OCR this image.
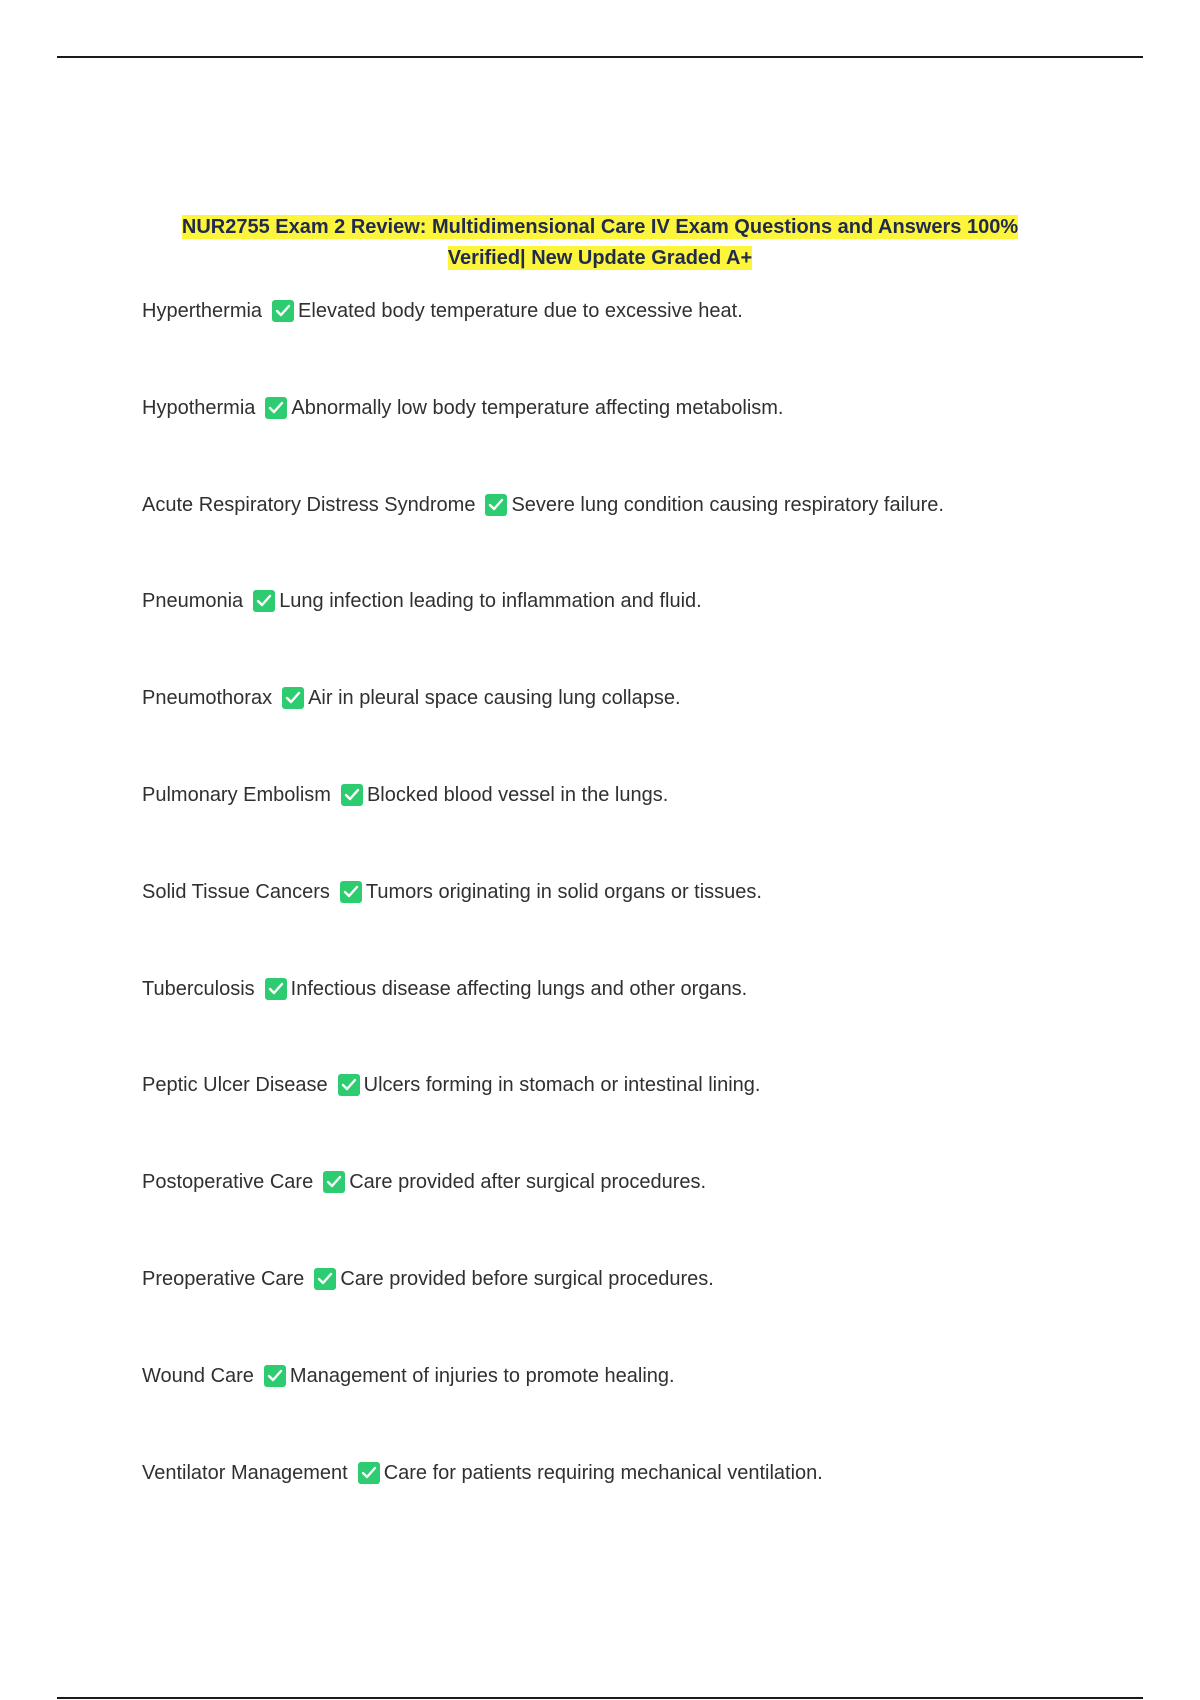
NUR2755 Exam 2 Review: Multidimensional Care IV Exam Questions and Answers 100%
Verified| New Update Graded A+
Hyperthermia Elevated body temperature due to excessive heat.
Hypothermia Abnormally low body temperature affecting metabolism.
Acute Respiratory Distress Syndrome Severe lung condition causing respiratory failure.
Pneumonia Lung infection leading to inflammation and fluid.
Pneumothorax Air in pleural space causing lung collapse.
Pulmonary Embolism Blocked blood vessel in the lungs.
Solid Tissue Cancers Tumors originating in solid organs or tissues.
Tuberculosis Infectious disease affecting lungs and other organs.
Peptic Ulcer Disease Ulcers forming in stomach or intestinal lining.
Postoperative Care Care provided after surgical procedures.
Preoperative Care Care provided before surgical procedures.
Wound Care Management of injuries to promote healing.
Ventilator Management Care for patients requiring mechanical ventilation.
